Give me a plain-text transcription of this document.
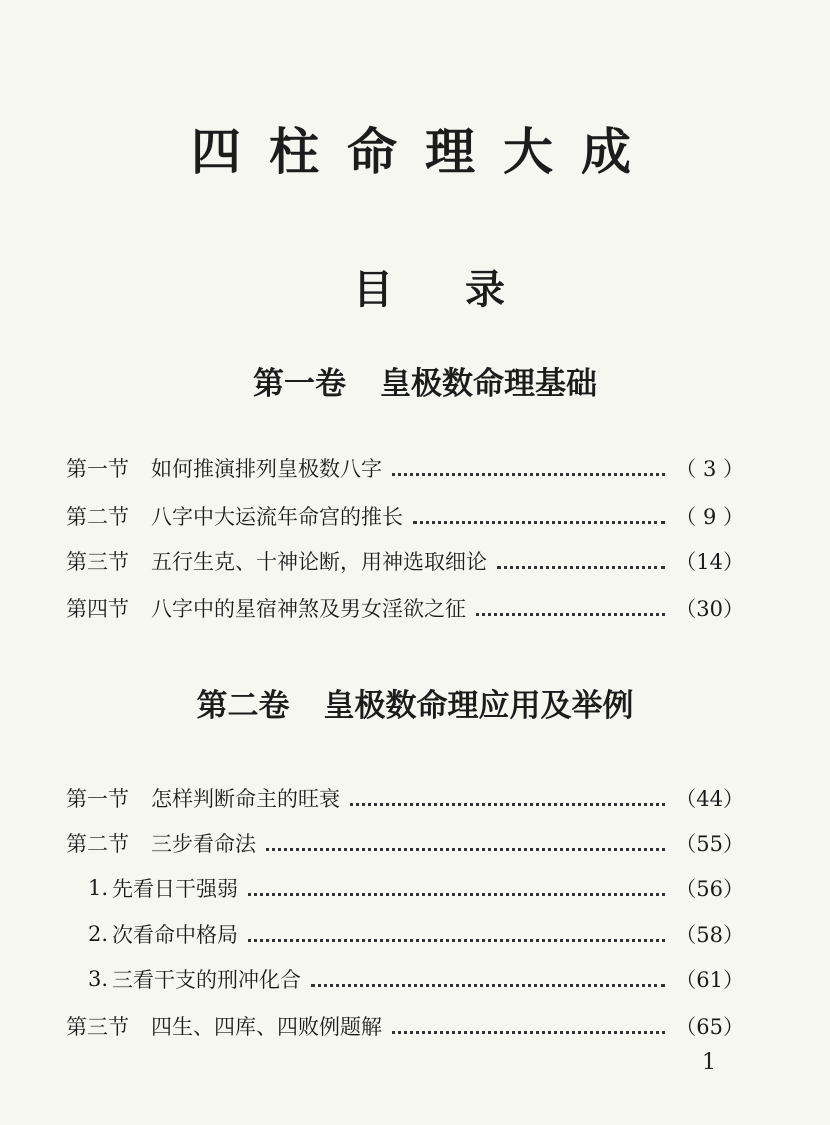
四柱命理大成
目录
第一卷 皇极数命理基础
第一节 如何推演排列皇极数八字	（ 3 ）
第二节 八字中大运流年命宫的推长	（ 9 ）
第三节 五行生克、十神论断，用神选取细论	（14）
第四节 八字中的星宿神煞及男女淫欲之征	（30）
第二卷 皇极数命理应用及举例
第一节 怎样判断命主的旺衰	（44）
第二节 三步看命法	（55）
1. 先看日干强弱	（56）
2. 次看命中格局	（58）
3. 三看干支的刑冲化合	（61）
第三节 四生、四库、四败例题解	（65）
1
